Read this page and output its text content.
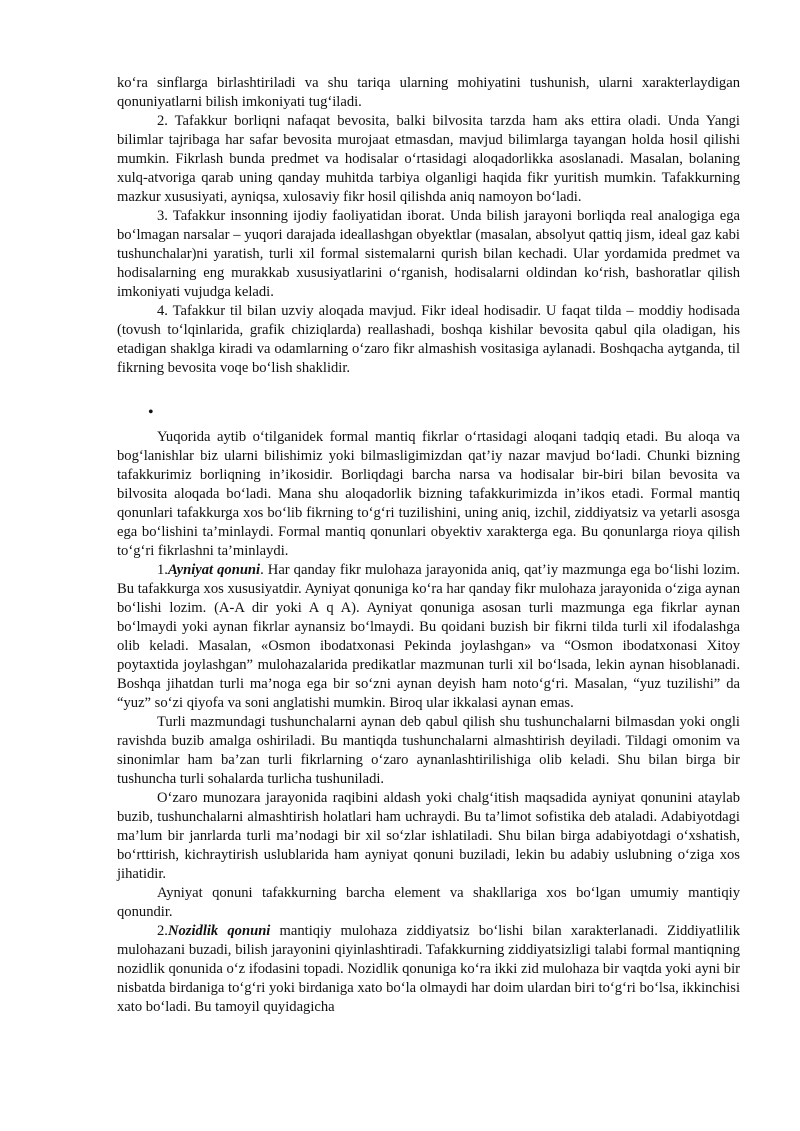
ko‘ra sinflarga birlashtiriladi va shu tariqa ularning mohiyatini tushunish, ularni xarakterlaydigan qonuniyatlarni bilish imkoniyati tug‘iladi.

2. Tafakkur borliqni nafaqat bevosita, balki bilvosita tarzda ham aks ettira oladi. Unda Yangi bilimlar tajribaga har safar bevosita murojaat etmasdan, mavjud bilimlarga tayangan holda hosil qilishi mumkin. Fikrlash bunda predmet va hodisalar o‘rtasidagi aloqadorlikka asoslanadi. Masalan, bolaning xulq-atvoriga qarab uning qanday muhitda tarbiya olganligi haqida fikr yuritish mumkin. Tafakkurning mazkur xususiyati, ayniqsa, xulosaviy fikr hosil qilishda aniq namoyon bo‘ladi.

3. Tafakkur insonning ijodiy faoliyatidan iborat. Unda bilish jarayoni borliqda real analogiga ega bo‘lmagan narsalar – yuqori darajada ideallashgan obyektlar (masalan, absolyut qattiq jism, ideal gaz kabi tushunchalar)ni yaratish, turli xil formal sistemalarni qurish bilan kechadi. Ular yordamida predmet va hodisalarning eng murakkab xususiyatlarini o‘rganish, hodisalarni oldindan ko‘rish, bashoratlar qilish imkoniyati vujudga keladi.

4. Tafakkur til bilan uzviy aloqada mavjud. Fikr ideal hodisadir. U faqat tilda – moddiy hodisada (tovush to‘lqinlarida, grafik chiziqlarda) reallashadi, boshqa kishilar bevosita qabul qila oladigan, his etadigan shaklga kiradi va odamlarning o‘zaro fikr almashish vositasiga aylanadi. Boshqacha aytganda, til fikrning bevosita voqe bo‘lish shaklidir.

•

Yuqorida aytib o‘tilganidek formal mantiq fikrlar o‘rtasidagi aloqani tadqiq etadi. Bu aloqa va bog‘lanishlar biz ularni bilishimiz yoki bilmasligimizdan qat’iy nazar mavjud bo‘ladi. Chunki bizning tafakkurimiz borliqning in’ikosidir. Borliqdagi barcha narsa va hodisalar bir-biri bilan bevosita va bilvosita aloqada bo‘ladi. Mana shu aloqadorlik bizning tafakkurimizda in’ikos etadi. Formal mantiq qonunlari tafakkurga xos bo‘lib fikrning to‘g‘ri tuzilishini, uning aniq, izchil, ziddiyatsiz va yetarli asosga ega bo‘lishini ta’minlaydi. Formal mantiq qonunlari obyektiv xarakterga ega. Bu qonunlarga rioya qilish to‘g‘ri fikrlashni ta’minlaydi.

1.Ayniyat qonuni. Har qanday fikr mulohaza jarayonida aniq, qat’iy mazmunga ega bo‘lishi lozim. Bu tafakkurga xos xususiyatdir. Ayniyat qonuniga ko‘ra har qanday fikr mulohaza jarayonida o‘ziga aynan bo‘lishi lozim. (A-A dir yoki A q A). Ayniyat qonuniga asosan turli mazmunga ega fikrlar aynan bo‘lmaydi yoki aynan fikrlar aynansiz bo‘lmaydi. Bu qoidani buzish bir fikrni tilda turli xil ifodalashga olib keladi. Masalan, «Osmon ibodatxonasi Pekinda joylashgan» va “Osmon ibodatxonasi Xitoy poytaxtida joylashgan” mulohazalarida predikatlar mazmunan turli xil bo‘lsada, lekin aynan hisoblanadi. Boshqa jihatdan turli ma’noga ega bir so‘zni aynan deyish ham noto‘g‘ri. Masalan, “yuz tuzilishi” da “yuz” so‘zi qiyofa va soni anglatishi mumkin. Biroq ular ikkalasi aynan emas.

Turli mazmundagi tushunchalarni aynan deb qabul qilish shu tushunchalarni bilmasdan yoki ongli ravishda buzib amalga oshiriladi. Bu mantiqda tushunchalarni almashtirish deyiladi. Tildagi omonim va sinonimlar ham ba’zan turli fikrlarning o‘zaro aynanlashtirilishiga olib keladi. Shu bilan birga bir tushuncha turli sohalarda turlicha tushuniladi.

O‘zaro munozara jarayonida raqibini aldash yoki chalg‘itish maqsadida ayniyat qonunini ataylab buzib, tushunchalarni almashtirish holatlari ham uchraydi. Bu ta’limot sofistika deb ataladi. Adabiyotdagi ma’lum bir janrlarda turli ma’nodagi bir xil so‘zlar ishlatiladi. Shu bilan birga adabiyotdagi o‘xshatish, bo‘rttirish, kichraytirish uslublarida ham ayniyat qonuni buziladi, lekin bu adabiy uslubning o‘ziga xos jihatidir.

Ayniyat qonuni tafakkurning barcha element va shakllariga xos bo‘lgan umumiy mantiqiy qonundir.

2.Nozidlik qonuni mantiqiy mulohaza ziddiyatsiz bo‘lishi bilan xarakterlanadi. Ziddiyatlilik mulohazani buzadi, bilish jarayonini qiyinlashtiradi. Tafakkurning ziddiyatsizligi talabi formal mantiqning nozidlik qonunida o‘z ifodasini topadi. Nozidlik qonuniga ko‘ra ikki zid mulohaza bir vaqtda yoki ayni bir nisbatda birdaniga to‘g‘ri yoki birdaniga xato bo‘la olmaydi har doim ulardan biri to‘g‘ri bo‘lsa, ikkinchisi xato bo‘ladi. Bu tamoyil quyidagicha
